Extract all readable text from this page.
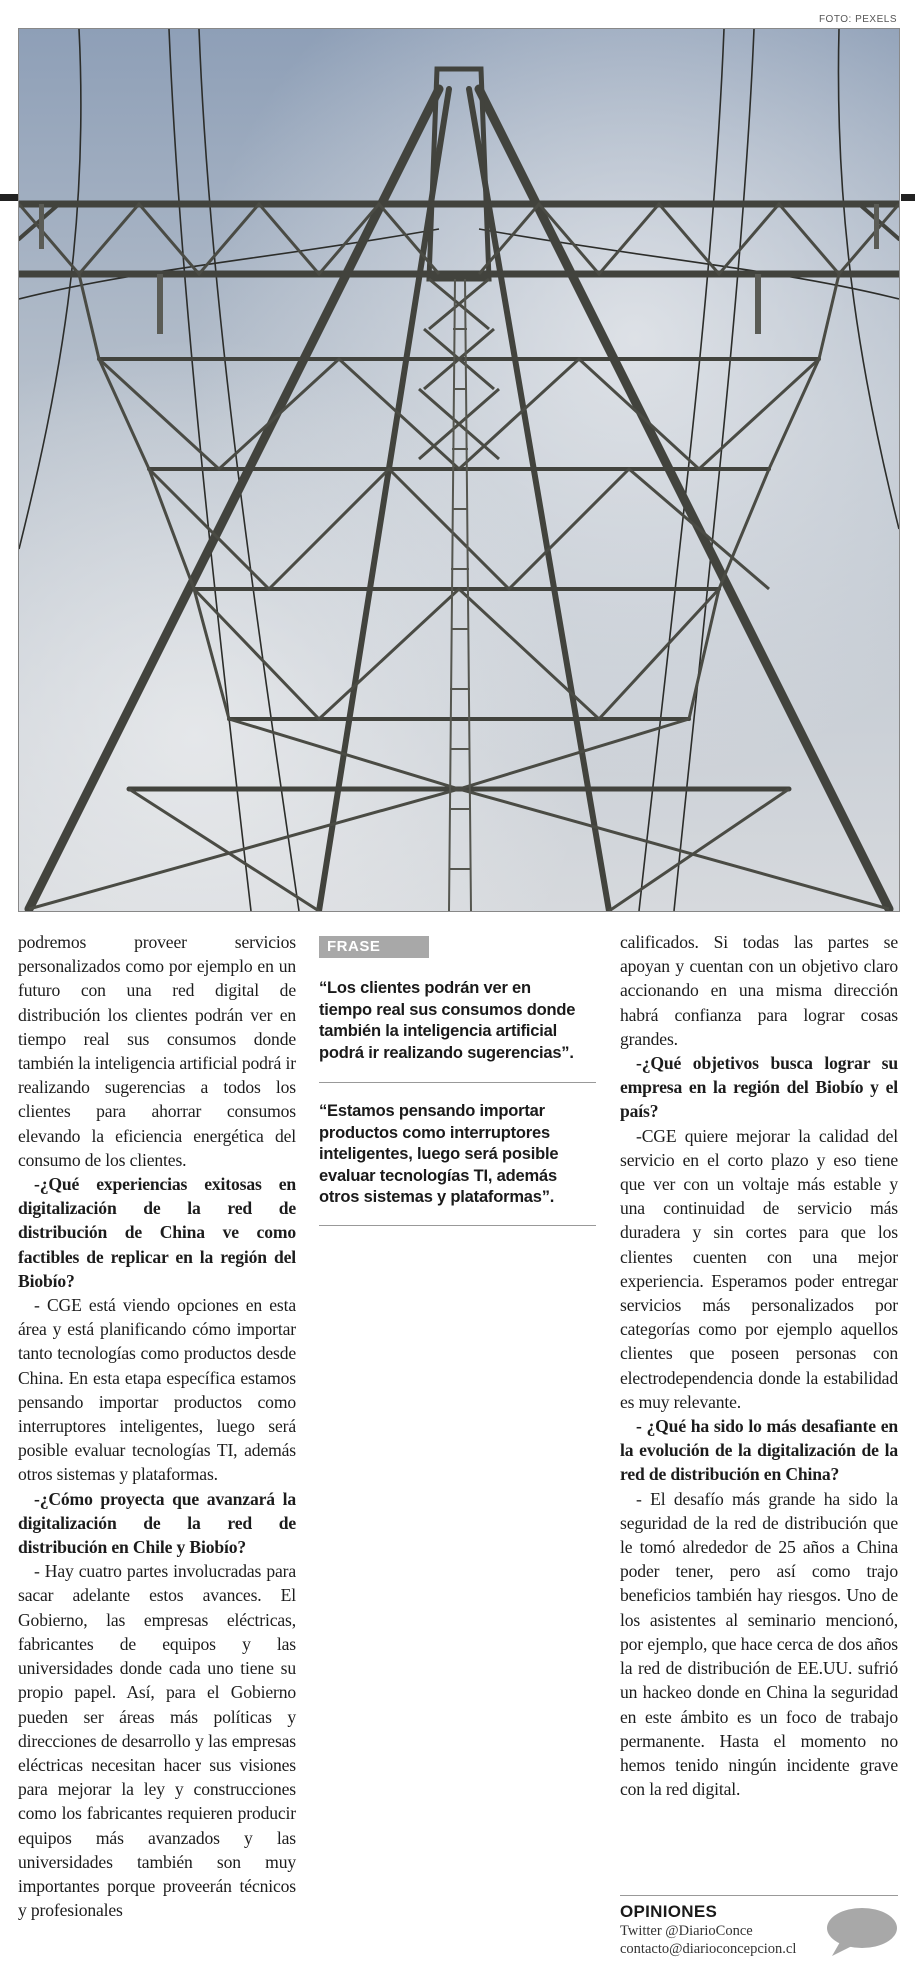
FOTO: PEXELS

podremos proveer servicios personalizados como por ejemplo en un futuro con una red digital de distribución los clientes podrán ver en tiempo real sus consumos donde también la inteligencia artificial podrá ir realizando sugerencias a todos los clientes para ahorrar consumos elevando la eficiencia energética del consumo de los clientes.

-¿Qué experiencias exitosas en digitalización de la red de distribución de China ve como factibles de replicar en la región del Biobío?

- CGE está viendo opciones en esta área y está planificando cómo importar tanto tecnologías como productos desde China. En esta etapa específica estamos pensando importar productos como interruptores inteligentes, luego será posible evaluar tecnologías TI, además otros sistemas y plataformas.

-¿Cómo proyecta que avanzará la digitalización de la red de distribución en Chile y Biobío?

- Hay cuatro partes involucradas para sacar adelante estos avances. El Gobierno, las empresas eléctricas, fabricantes de equipos y las universidades donde cada uno tiene su propio papel. Así, para el Gobierno pueden ser áreas más políticas y direcciones de desarrollo y las empresas eléctricas necesitan hacer sus visiones para mejorar la ley y construcciones como los fabricantes requieren producir equipos más avanzados y las universidades también son muy importantes porque proveerán técnicos y profesionales

FRASE
“Los clientes podrán ver en tiempo real sus consumos donde también la inteligencia artificial podrá ir realizando sugerencias”.
“Estamos pensando importar productos como interruptores inteligentes, luego será posible evaluar tecnologías TI, además otros sistemas y plataformas”.

calificados. Si todas las partes se apoyan y cuentan con un objetivo claro accionando en una misma dirección habrá confianza para lograr cosas grandes.

-¿Qué objetivos busca lograr su empresa en la región del Biobío y el país?

-CGE quiere mejorar la calidad del servicio en el corto plazo y eso tiene que ver con un voltaje más estable y una continuidad de servicio más duradera y sin cortes para que los clientes cuenten con una mejor experiencia. Esperamos poder entregar servicios más personalizados por categorías como por ejemplo aquellos clientes que poseen personas con electrodependencia donde la estabilidad es muy relevante.

- ¿Qué ha sido lo más desafiante en la evolución de la digitalización de la red de distribución en China?

- El desafío más grande ha sido la seguridad de la red de distribución que le tomó alrededor de 25 años a China poder tener, pero así como trajo beneficios también hay riesgos. Uno de los asistentes al seminario mencionó, por ejemplo, que hace cerca de dos años la red de distribución de EE.UU. sufrió un hackeo donde en China la seguridad en este ámbito es un foco de trabajo permanente. Hasta el momento no hemos tenido ningún incidente grave con la red digital.

OPINIONES
Twitter @DiarioConce
contacto@diarioconcepcion.cl
